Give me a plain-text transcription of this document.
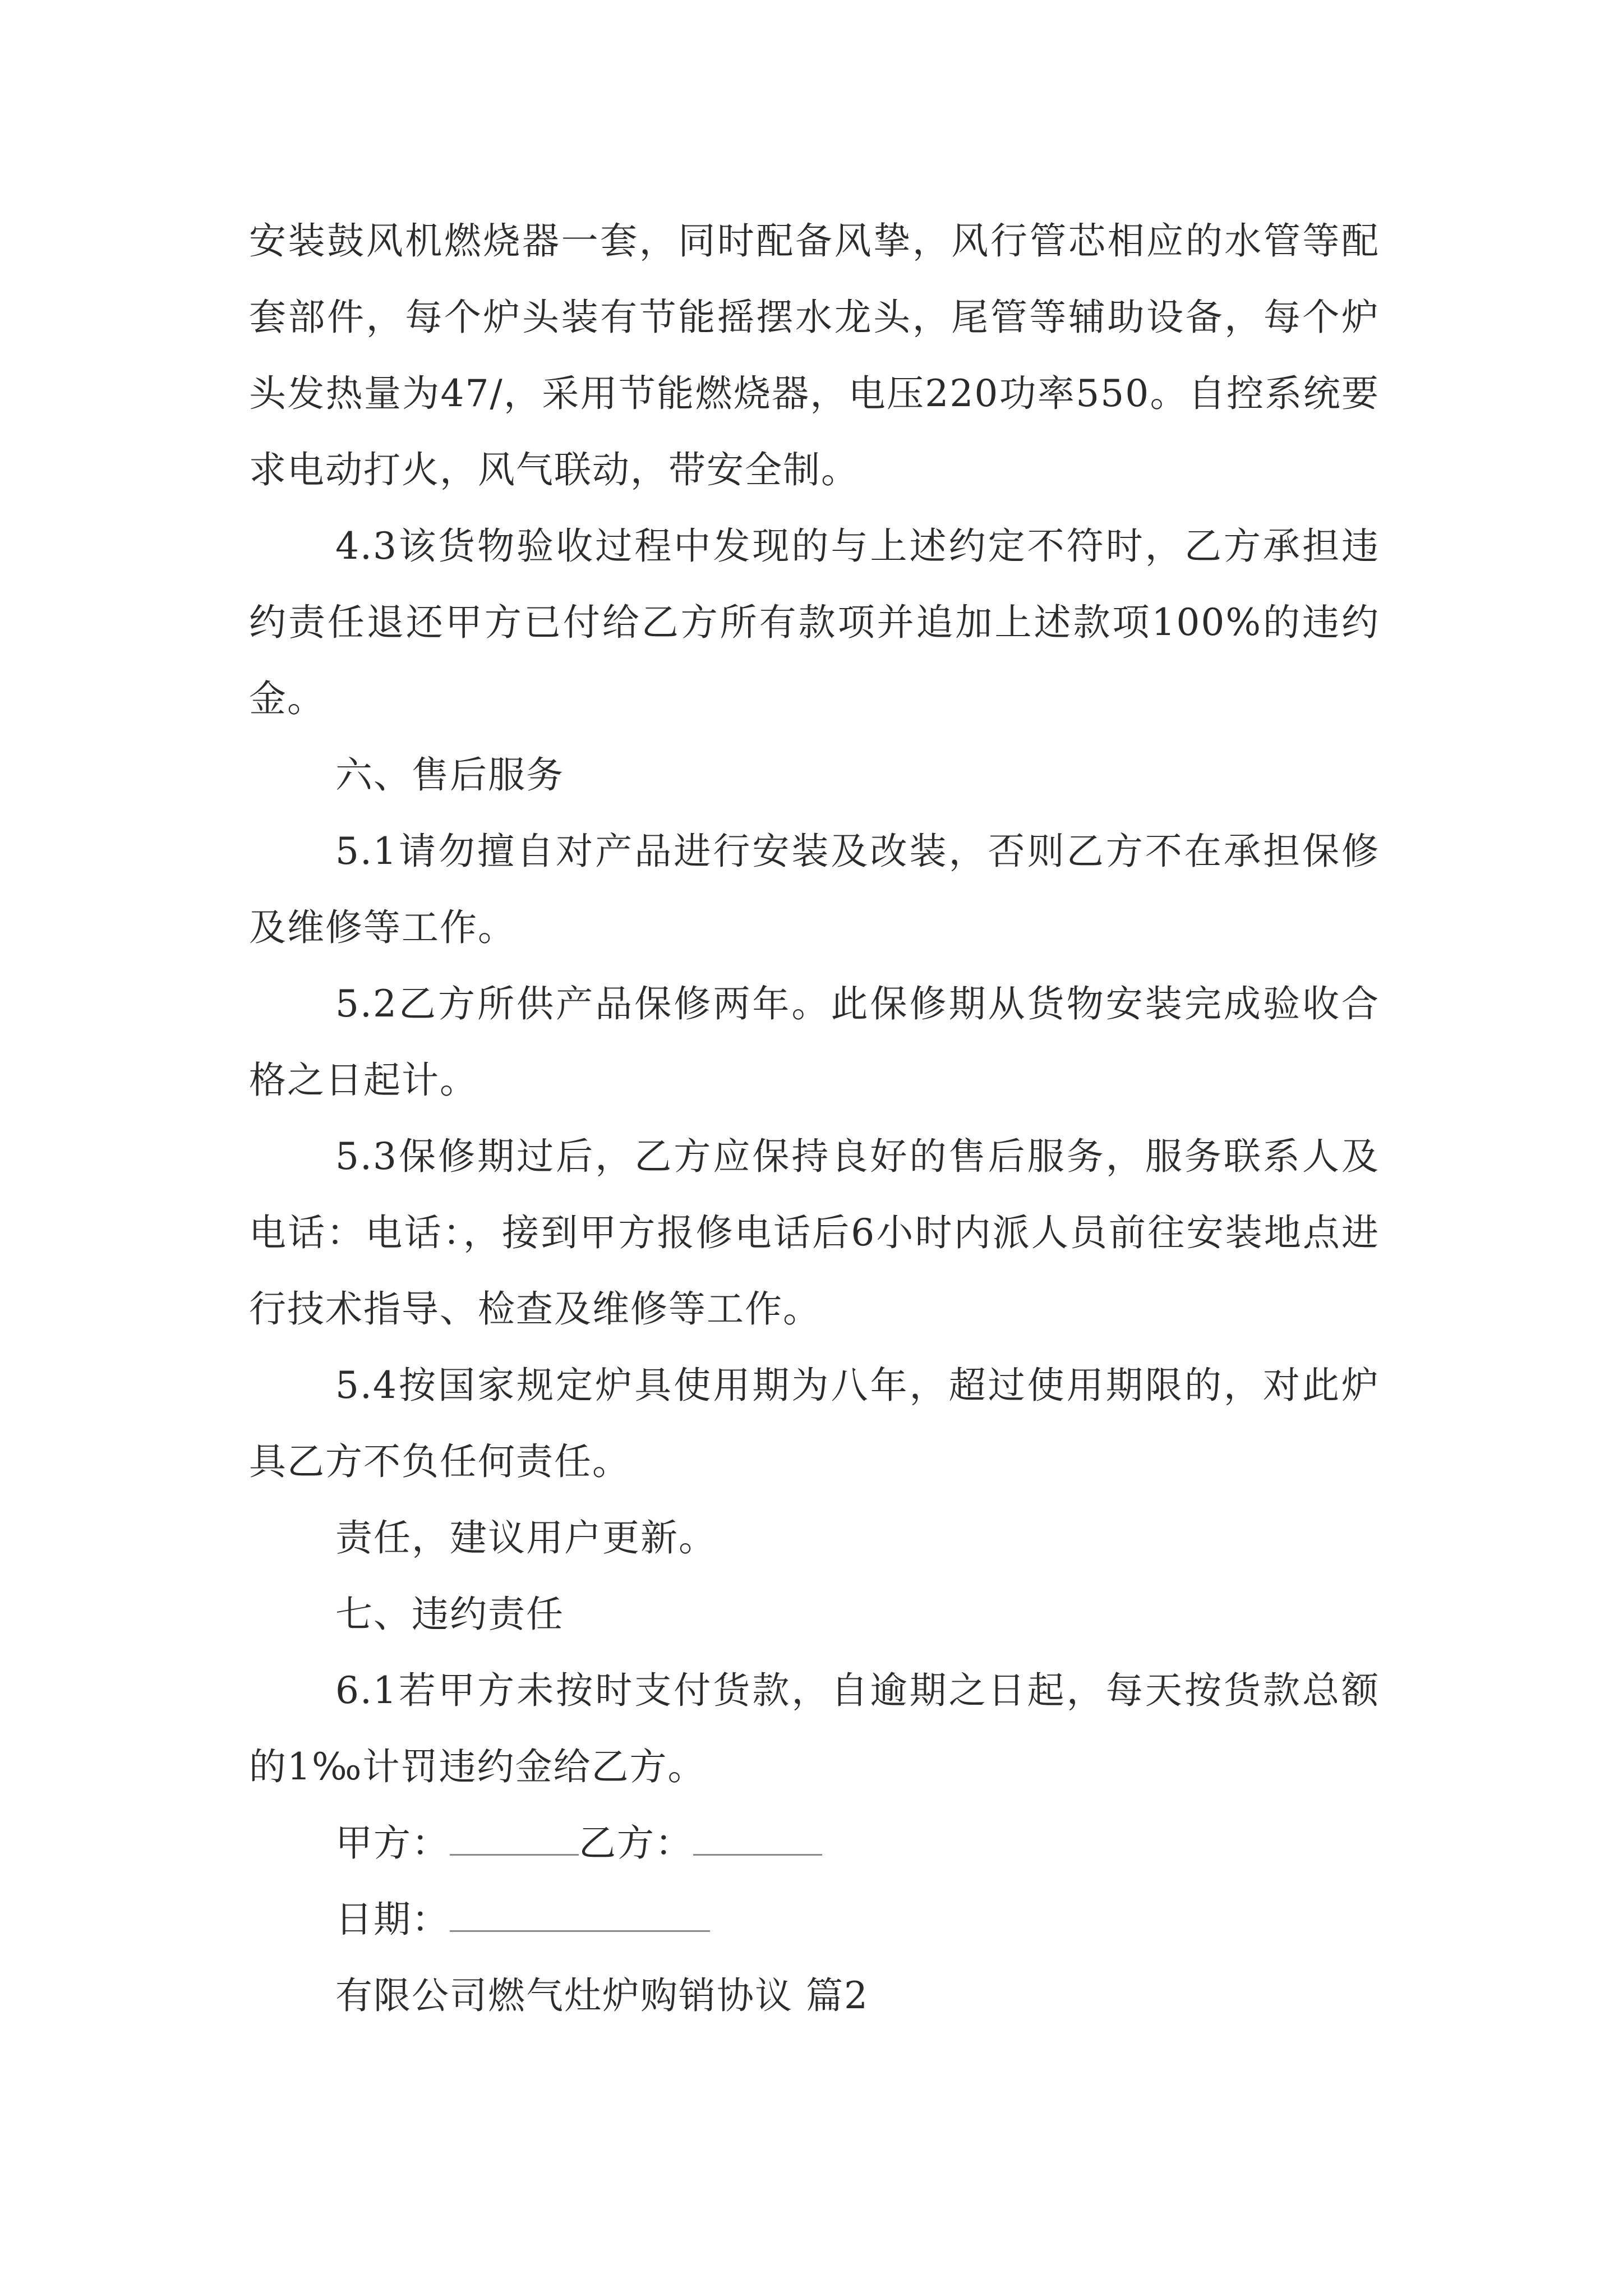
安装鼓风机燃烧器一套，同时配备风挚，风行管芯相应的水管等配套部件，每个炉头装有节能摇摆水龙头，尾管等辅助设备，每个炉头发热量为47/，采用节能燃烧器，电压220功率550。自控系统要求电动打火，风气联动，带安全制。

4.3该货物验收过程中发现的与上述约定不符时，乙方承担违约责任退还甲方已付给乙方所有款项并追加上述款项100%的违约金。

六、售后服务

5.1请勿擅自对产品进行安装及改装，否则乙方不在承担保修及维修等工作。

5.2乙方所供产品保修两年。此保修期从货物安装完成验收合格之日起计。

5.3保修期过后，乙方应保持良好的售后服务，服务联系人及电话：电话：，接到甲方报修电话后6小时内派人员前往安装地点进行技术指导、检查及维修等工作。

5.4按国家规定炉具使用期为八年，超过使用期限的，对此炉具乙方不负任何责任。

责任，建议用户更新。

七、违约责任

6.1若甲方未按时支付货款，自逾期之日起，每天按货款总额的1‰计罚违约金给乙方。

甲方：	乙方：

日期：

有限公司燃气灶炉购销协议 篇2
